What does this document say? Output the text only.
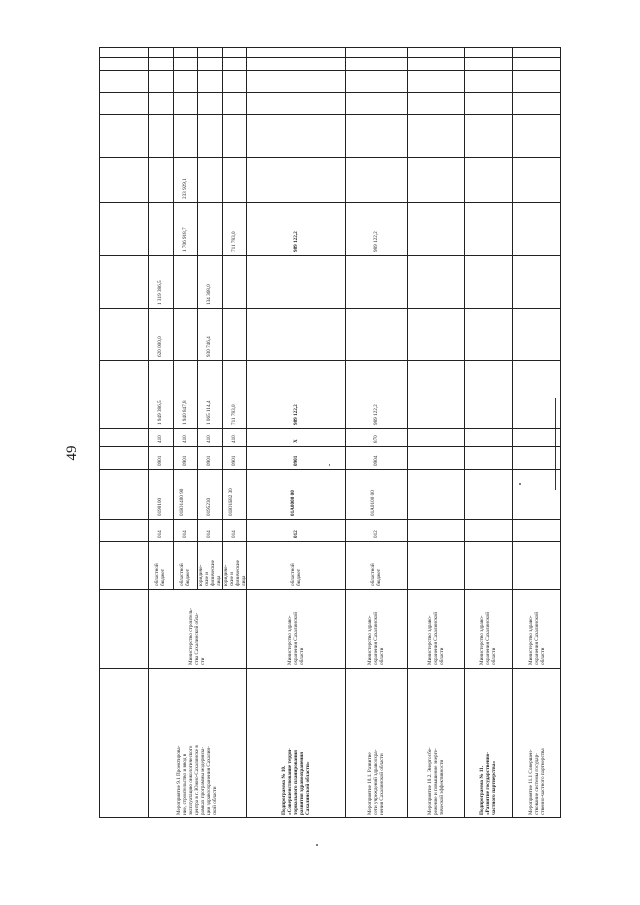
49
Мероприятие 9.1 Проектирова-
ние, строительство и ввод в
эксплуатацию онкологического
центра в г. Южно-Сахалинске в
рамках программы модерниза-
ции здравоохранения Сахалин-
ской области
Министерство строитель-
ства Сахалинской обла-
сти
областной
бюджет
014
0190100
0901
410
1 949 386,5
620 000,0
1 319 386,5
областной
бюджет
014
01Ю1400 90
0901
410
1 940 847,8
1 706 918,7
233 929,1
юридиче-
ские и
физические
лица
014
0195230
0901
410
1 065 114,4
930 746,4
134 368,0
юридиче-
ские и
физические
лица
014
01Ю1Б82 30
0901
410
711 783,0
711 783,0
Подпрограмма № 10.
«Совершенствование терри-
ториального планирования
развития здравоохранения
Сахалинской области»
Министерство здраво-
охранения Сахалинской
области
областной
бюджет
012
01А0000 00
0901
Х
989 122,2
989 122,2
Мероприятие 10.1. Развитие
сети учреждений здравоохра-
нения Сахалинской области
Министерство здраво-
охранения Сахалинской
области
областной
бюджет
012
01А0100 00
0904
870
989 122,2
989 122,2
Мероприятие 10.2. Энергосбе-
режение и повышение энерге-
тической эффективности
Министерство здраво-
охранения Сахалинской
области
Подпрограмма № 11.
«Развитие государственно-
частного партнерства»
Министерство здраво-
охранения Сахалинской
области
Мероприятие 11.1 Совершен-
ствование системы государ-
ственно-частного партнерства
Министерство здраво-
охранения Сахалинской
области
